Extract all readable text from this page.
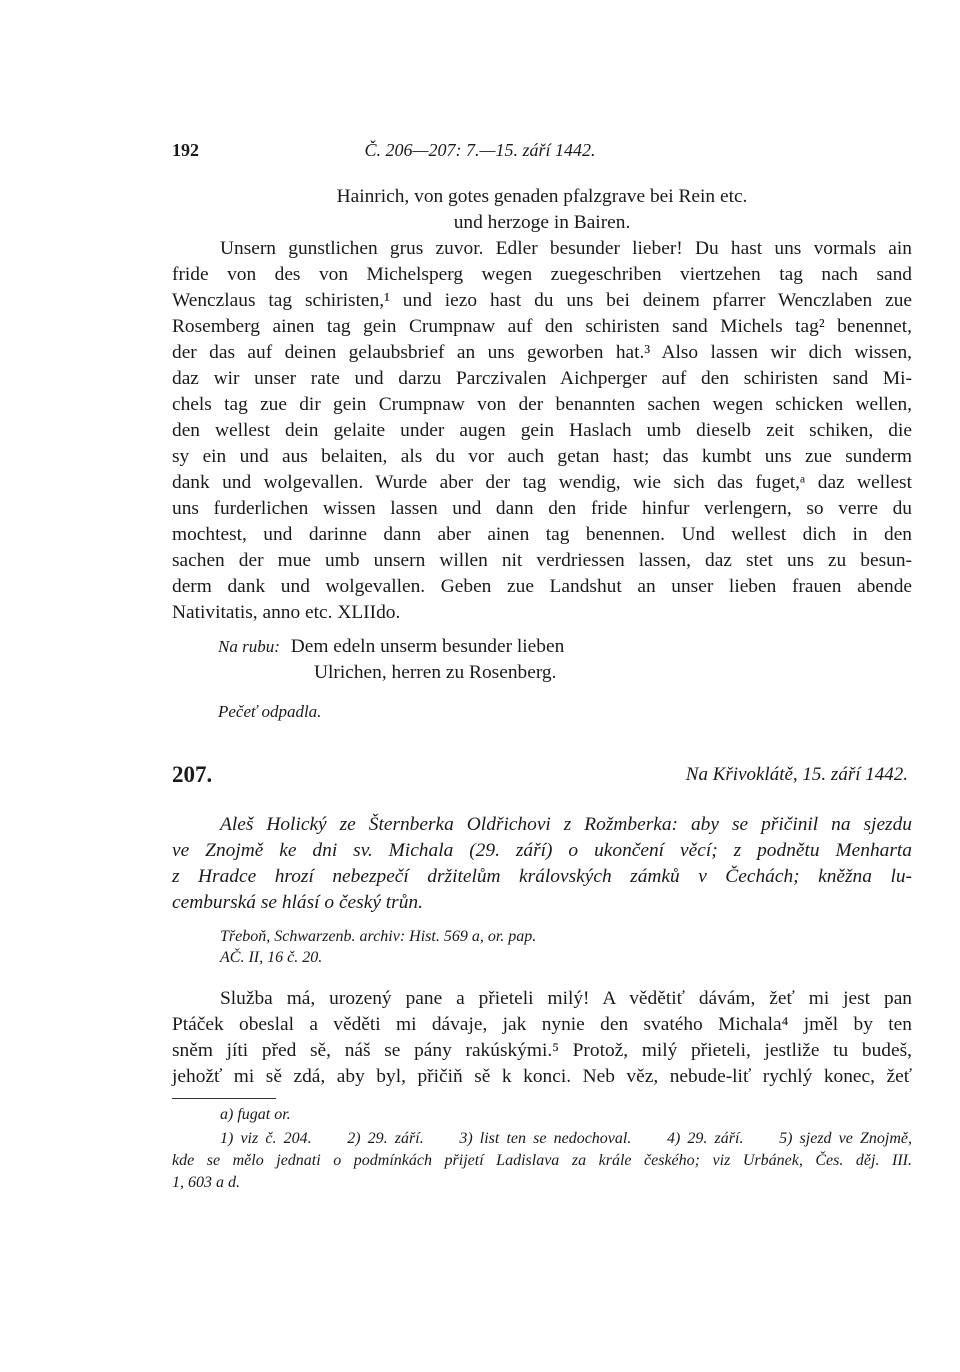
192	Č. 206—207: 7.—15. září 1442.
Hainrich, von gotes genaden pfalzgrave bei Rein etc.
und herzoge in Bairen.
Unsern gunstlichen grus zuvor. Edler besunder lieber! Du hast uns vormals ain
fride von des von Michelsperg wegen zuegeschriben viertzehen tag nach sand
Wenczlaus tag schiristen,¹ und iezo hast du uns bei deinem pfarrer Wenczlaben zue
Rosemberg ainen tag gein Crumpnaw auf den schiristen sand Michels tag² benennet,
der das auf deinen gelaubsbrief an uns geworben hat.³ Also lassen wir dich wissen,
daz wir unser rate und darzu Parczivalen Aichperger auf den schiristen sand Mi-
chels tag zue dir gein Crumpnaw von der benannten sachen wegen schicken wellen,
den wellest dein gelaite under augen gein Haslach umb dieselb zeit schiken, die
sy ein und aus belaiten, als du vor auch getan hast; das kumbt uns zue sunderm
dank und wolgevallen. Wurde aber der tag wendig, wie sich das fuget,ᵃ daz wellest
uns furderlichen wissen lassen und dann den fride hinfur verlengern, so verre du
mochtest, und darinne dann aber ainen tag benennen. Und wellest dich in den
sachen der mue umb unsern willen nit verdriessen lassen, daz stet uns zu besun-
derm dank und wolgevallen. Geben zue Landshut an unser lieben frauen abende
Nativitatis, anno etc. XLIIdo.
Na rubu: Dem edeln unserm besunder lieben
Ulrichen, herren zu Rosenberg.
Pečeť odpadla.
207.	Na Křivoklátě, 15. září 1442.
Aleš Holický ze Šternberka Oldřichovi z Rožmberka: aby se přičinil na sjezdu
ve Znojmě ke dni sv. Michala (29. září) o ukončení věcí; z podnětu Menharta
z Hradce hrozí nebezpečí držitelům královských zámků v Čechách; kněžna lu-
cemburská se hlásí o český trůn.
Třeboň, Schwarzenb. archiv: Hist. 569 a, or. pap.
AČ. II, 16 č. 20.
Služba má, urozený pane a přieteli milý! A vědětiť dávám, žeť mi jest pan
Ptáček obeslal a věděti mi dávaje, jak nynie den svatého Michala⁴ jměl by ten
sněm jíti před sě, náš se pány rakúskými.⁵ Protož, milý přieteli, jestliže tu budeš,
jehožť mi sě zdá, aby byl, přičiň sě k konci. Neb věz, nebude-liť rychlý konec, žeť
a) fugat or.
1) viz č. 204.     2) 29. září.     3) list ten se nedochoval.     4) 29. září.     5) sjezd ve Znojmě,
kde se mělo jednati o podmínkách přijetí Ladislava za krále českého; viz Urbánek, Čes. děj. III.
1, 603 a d.
